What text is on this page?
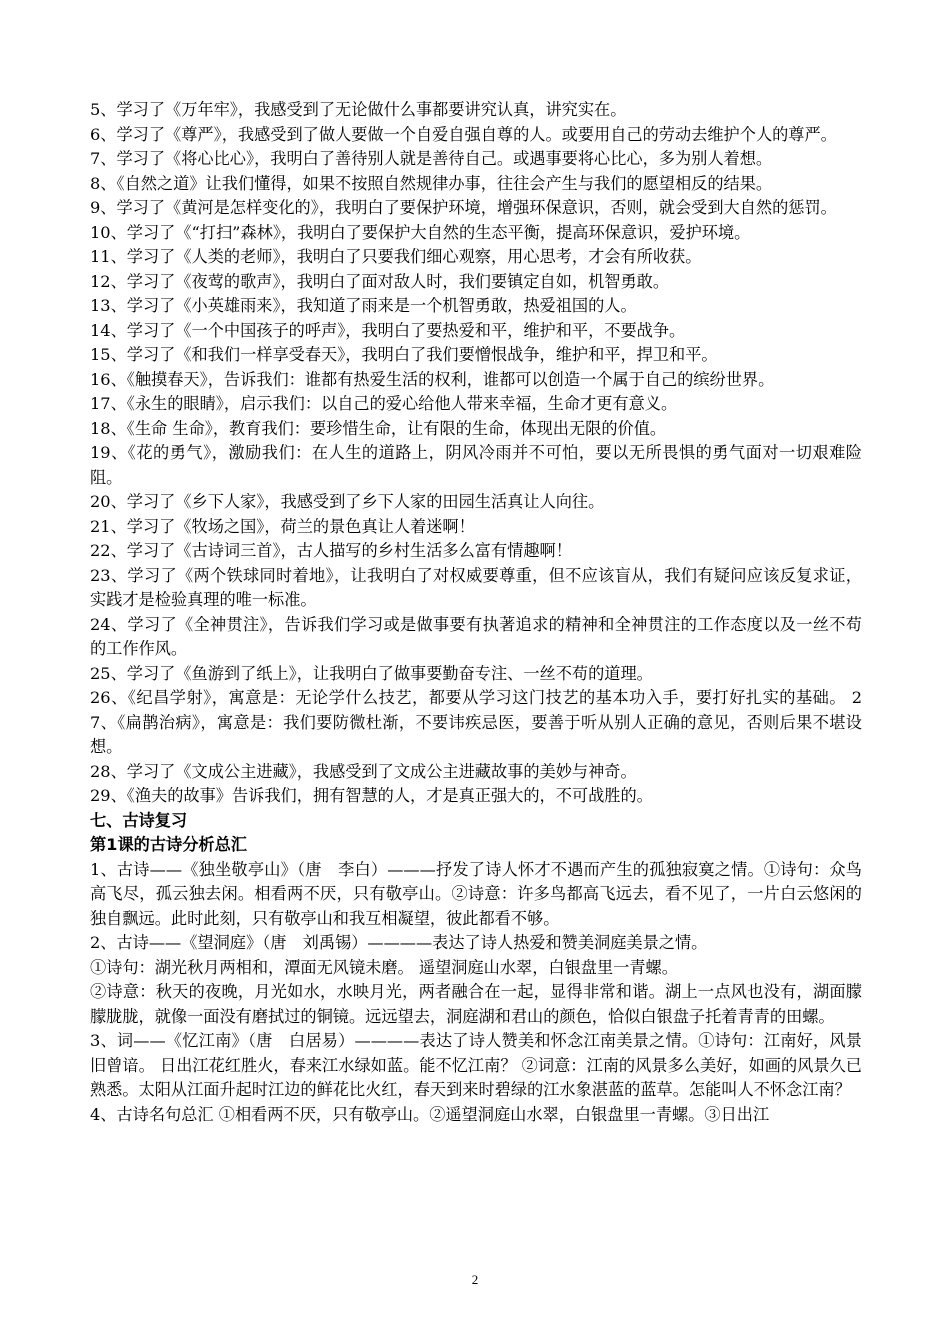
5、学习了《万年牢》，我感受到了无论做什么事都要讲究认真，讲究实在。

6、学习了《尊严》，我感受到了做人要做一个自爱自强自尊的人。或要用自己的劳动去维护个人的尊严。

7、学习了《将心比心》，我明白了善待别人就是善待自己。或遇事要将心比心，多为别人着想。

8、《自然之道》让我们懂得，如果不按照自然规律办事，往往会产生与我们的愿望相反的结果。

9、学习了《黄河是怎样变化的》，我明白了要保护环境，增强环保意识，否则，就会受到大自然的惩罚。

10、学习了《“打扫”森林》，我明白了要保护大自然的生态平衡，提高环保意识，爱护环境。

11、学习了《人类的老师》，我明白了只要我们细心观察，用心思考，才会有所收获。

12、学习了《夜莺的歌声》，我明白了面对敌人时，我们要镇定自如，机智勇敢。

13、学习了《小英雄雨来》，我知道了雨来是一个机智勇敢，热爱祖国的人。

14、学习了《一个中国孩子的呼声》，我明白了要热爱和平，维护和平，不要战争。

15、学习了《和我们一样享受春天》，我明白了我们要憎恨战争，维护和平，捍卫和平。

16、《触摸春天》，告诉我们：谁都有热爱生活的权利，谁都可以创造一个属于自己的缤纷世界。

17、《永生的眼睛》，启示我们：以自己的爱心给他人带来幸福，生命才更有意义。

18、《生命 生命》，教育我们：要珍惜生命，让有限的生命，体现出无限的价值。

19、《花的勇气》，激励我们：在人生的道路上，阴风冷雨并不可怕，要以无所畏惧的勇气面对一切艰难险阻。

20、学习了《乡下人家》，我感受到了乡下人家的田园生活真让人向往。

21、学习了《牧场之国》，荷兰的景色真让人着迷啊！

22、学习了《古诗词三首》，古人描写的乡村生活多么富有情趣啊！

23、学习了《两个铁球同时着地》，让我明白了对权威要尊重，但不应该盲从，我们有疑问应该反复求证，实践才是检验真理的唯一标准。

24、学习了《全神贯注》，告诉我们学习或是做事要有执著追求的精神和全神贯注的工作态度以及一丝不苟的工作作风。

25、学习了《鱼游到了纸上》，让我明白了做事要勤奋专注、一丝不苟的道理。

26、《纪昌学射》，寓意是：无论学什么技艺，都要从学习这门技艺的基本功入手，要打好扎实的基础。 27、《扁鹊治病》，寓意是：我们要防微杜渐，不要讳疾忌医，要善于听从别人正确的意见，否则后果不堪设想。

28、学习了《文成公主进藏》，我感受到了文成公主进藏故事的美妙与神奇。

29、《渔夫的故事》告诉我们，拥有智慧的人，才是真正强大的，不可战胜的。

七、古诗复习

第1课的古诗分析总汇

1、古诗——《独坐敬亭山》（唐　李白）———抒发了诗人怀才不遇而产生的孤独寂寞之情。①诗句：众鸟高飞尽，孤云独去闲。相看两不厌，只有敬亭山。②诗意：许多鸟都高飞远去，看不见了，一片白云悠闲的独自飘远。此时此刻，只有敬亭山和我互相凝望，彼此都看不够。

2、古诗——《望洞庭》（唐　刘禹锡）————表达了诗人热爱和赞美洞庭美景之情。

①诗句：湖光秋月两相和，潭面无风镜未磨。 遥望洞庭山水翠，白银盘里一青螺。

②诗意：秋天的夜晚，月光如水，水映月光，两者融合在一起，显得非常和谐。湖上一点风也没有，湖面朦朦胧胧，就像一面没有磨拭过的铜镜。远远望去，洞庭湖和君山的颜色，恰似白银盘子托着青青的田螺。

3、词——《忆江南》（唐　白居易）————表达了诗人赞美和怀念江南美景之情。①诗句：江南好，风景旧曾谙。 日出江花红胜火，春来江水绿如蓝。能不忆江南？ ②词意：江南的风景多么美好，如画的风景久已熟悉。太阳从江面升起时江边的鲜花比火红，春天到来时碧绿的江水象湛蓝的蓝草。怎能叫人不怀念江南？

4、古诗名句总汇 ①相看两不厌，只有敬亭山。②遥望洞庭山水翠，白银盘里一青螺。③日出江

2
